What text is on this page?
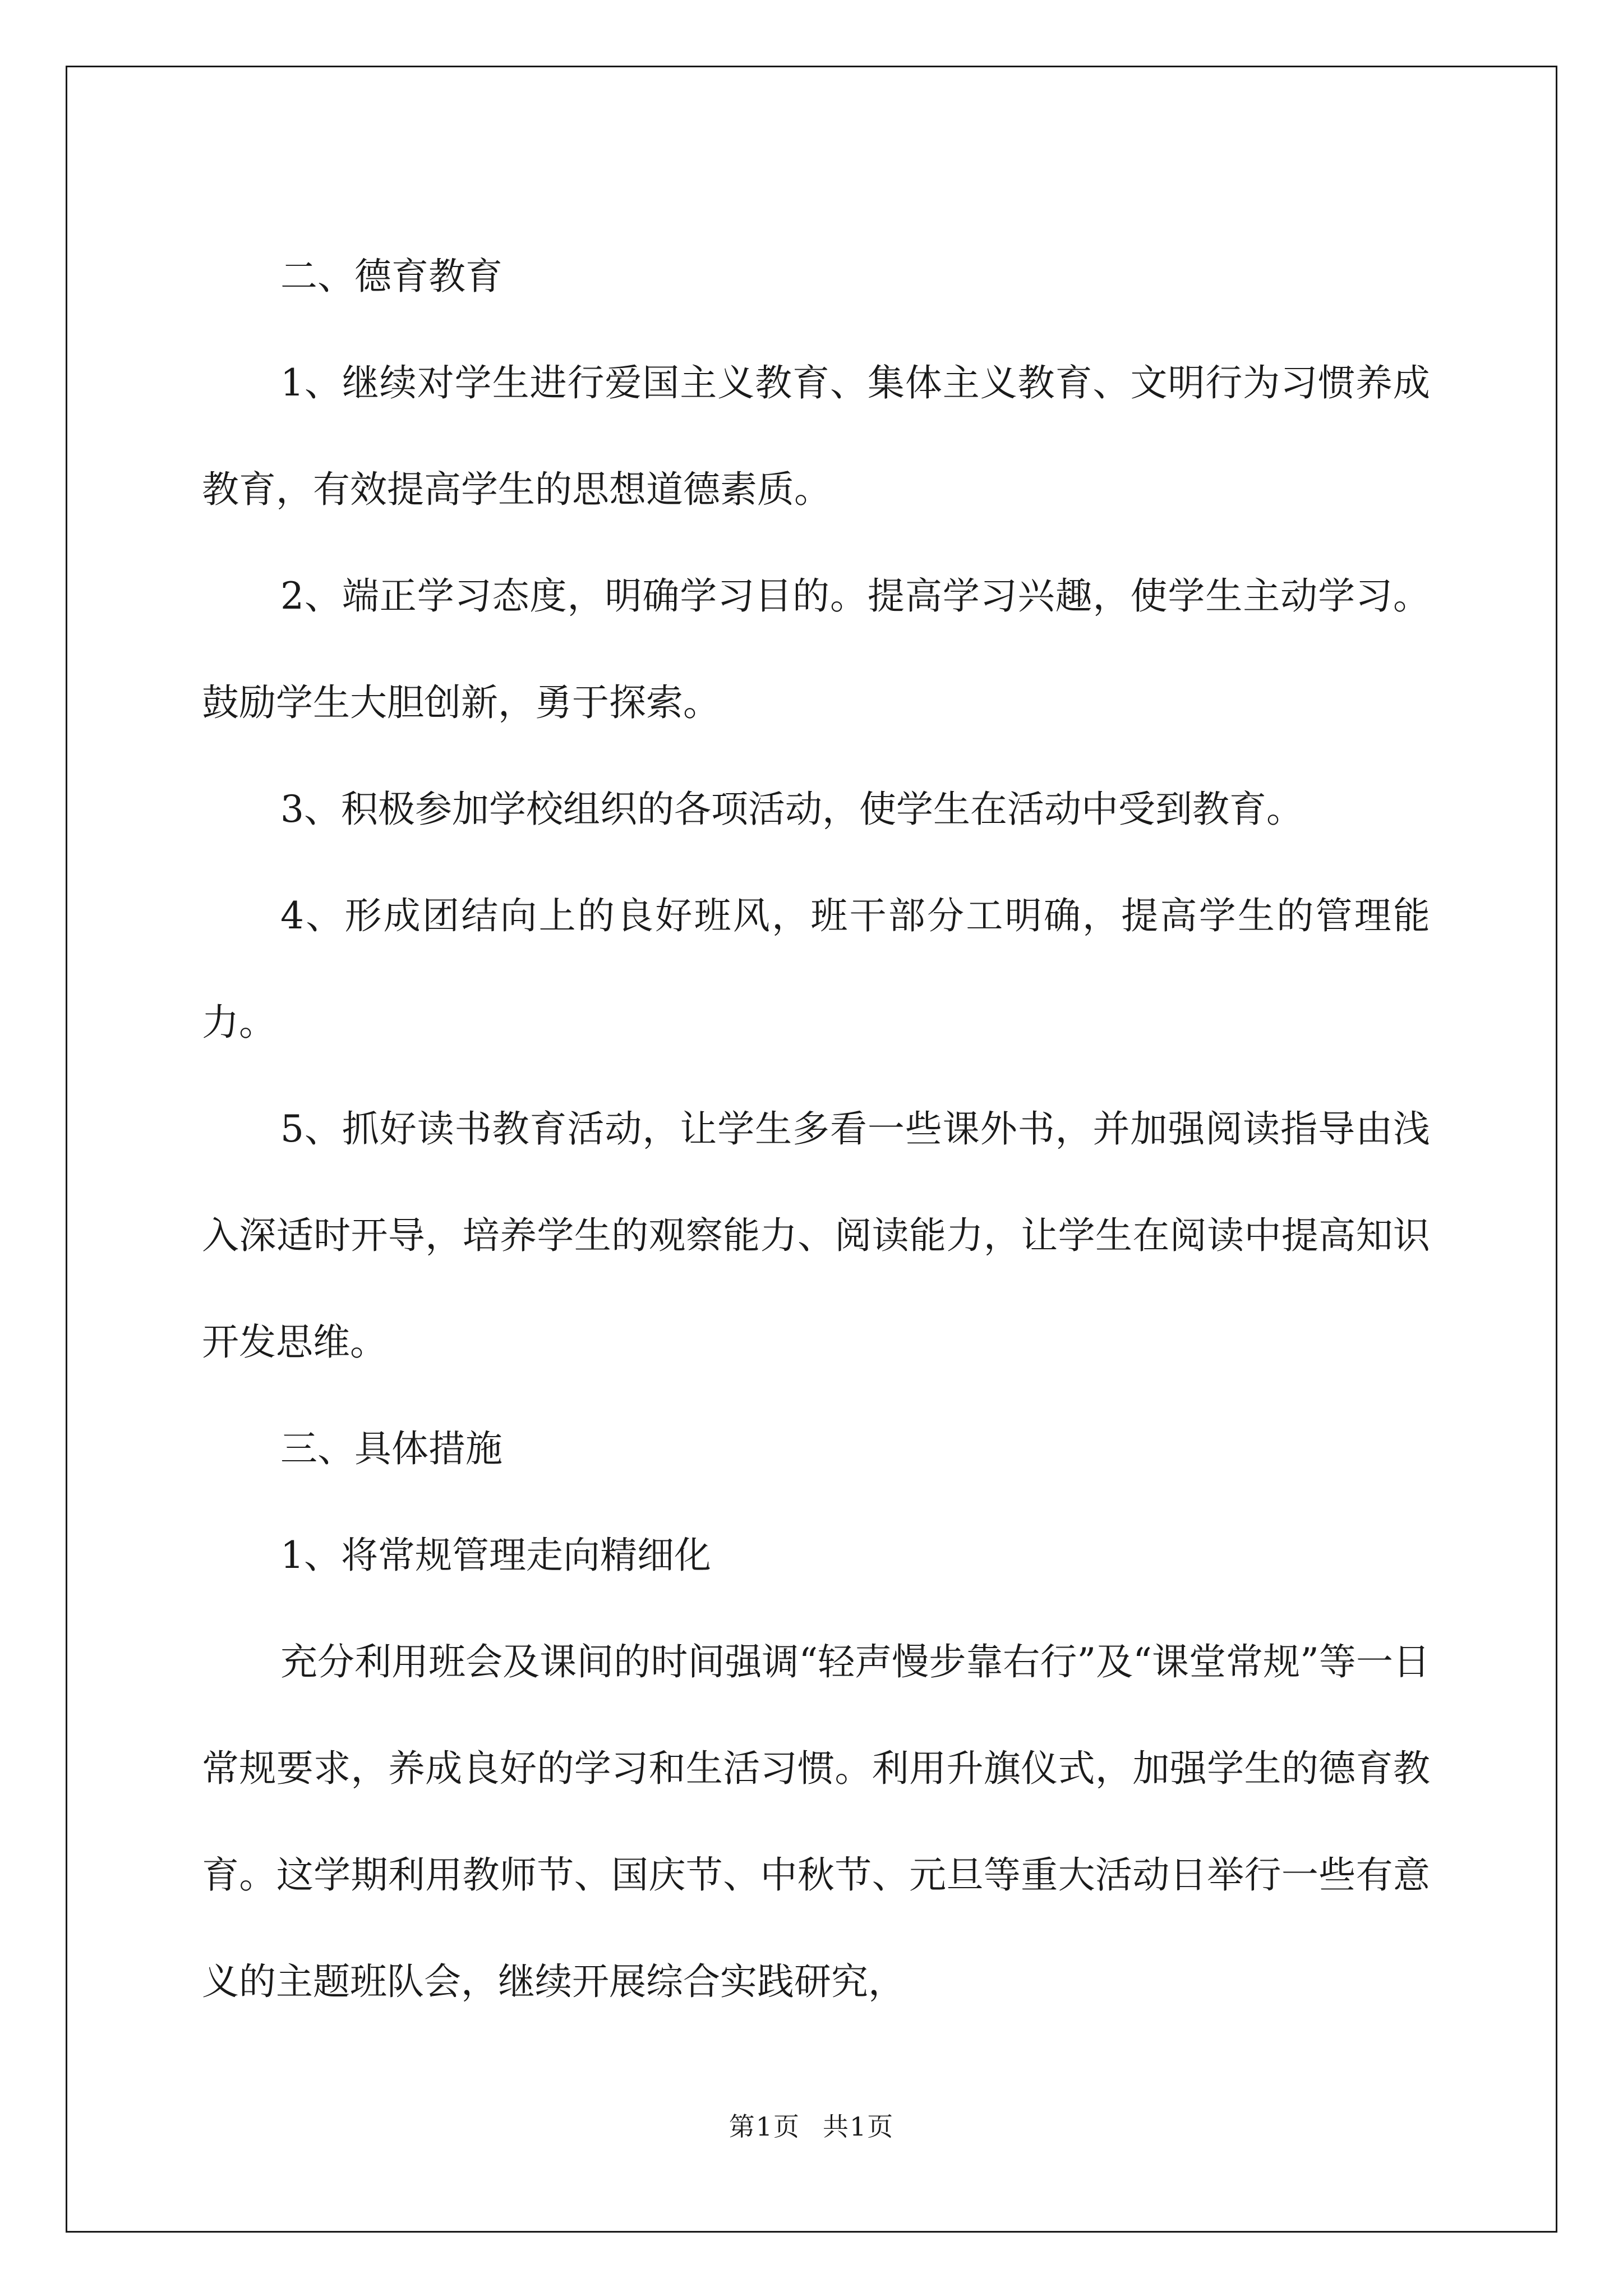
二、德育教育

1、继续对学生进行爱国主义教育、集体主义教育、文明行为习惯养成教育，有效提高学生的思想道德素质。

2、端正学习态度，明确学习目的。提高学习兴趣，使学生主动学习。鼓励学生大胆创新，勇于探索。

3、积极参加学校组织的各项活动，使学生在活动中受到教育。

4、形成团结向上的良好班风，班干部分工明确，提高学生的管理能力。

5、抓好读书教育活动，让学生多看一些课外书，并加强阅读指导由浅入深适时开导，培养学生的观察能力、阅读能力，让学生在阅读中提高知识开发思维。

三、具体措施

1、将常规管理走向精细化

充分利用班会及课间的时间强调“轻声慢步靠右行”及“课堂常规”等一日常规要求，养成良好的学习和生活习惯。利用升旗仪式，加强学生的德育教育。这学期利用教师节、国庆节、中秋节、元旦等重大活动日举行一些有意义的主题班队会，继续开展综合实践研究，

第1页 共1页
